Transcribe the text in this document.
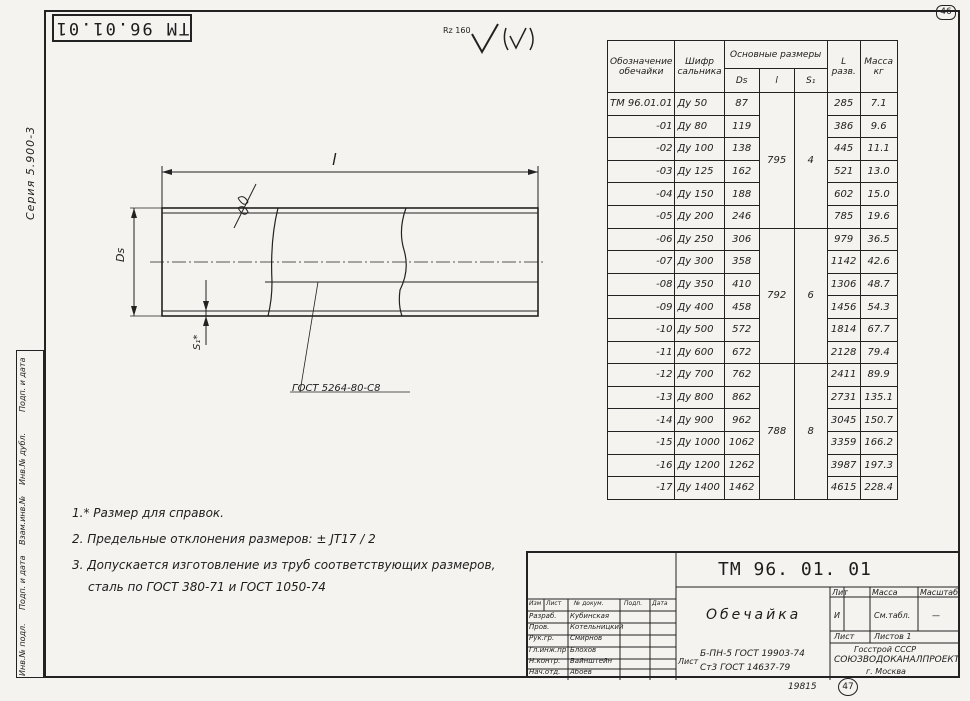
46
ТМ 96.01.01
Серия 5.900-3
Rz 160
l
Ds
S₁*
ГОСТ 5264-80-С8
Обозначение обечайки	Шифр сальника	Основные размеры			L разв.	Масса кг
		Ds	l	S₁		
ТМ 96.01.01	Ду 50	87	795	4	285	7.1
-01	Ду 80	119			386	9.6
-02	Ду 100	138			445	11.1
-03	Ду 125	162			521	13.0
-04	Ду 150	188			602	15.0
-05	Ду 200	246			785	19.6
-06	Ду 250	306	792	6	979	36.5
-07	Ду 300	358			1142	42.6
-08	Ду 350	410			1306	48.7
-09	Ду 400	458			1456	54.3
-10	Ду 500	572			1814	67.7
-11	Ду 600	672			2128	79.4
-12	Ду 700	762	788	8	2411	89.9
-13	Ду 800	862			2731	135.1
-14	Ду 900	962			3045	150.7
-15	Ду 1000	1062			3359	166.2
-16	Ду 1200	1262			3987	197.3
-17	Ду 1400	1462			4615	228.4
1.* Размер для справок.
2. Предельные отклонения размеров: ± JT17 / 2
3. Допускается изготовление из труб соответствующих размеров,
сталь по ГОСТ 380-71 и ГОСТ 1050-74
Инв.№ подл.
Подп. и дата
Взам.инв.№
Инв.№ дубл.
Подп. и дата
ТМ 96. 01. 01
Обечайка
Лист
Б-ПН-5 ГОСТ 19903-74
Ст3 ГОСТ 14637-79
Лит	Масса	Масштаб
И	См.табл.	—
Лист Листов 1
Госстрой СССР
СОЮЗВОДОКАНАЛПРОЕКТ
г. Москва
Изм Лист № докум.	Подп. Дата
Разраб. Кубинская
Пров.	Котельницкий
Рук.гр. Смирнов
Гл.инж.пр Блохов
Н.контр. Вайнштейн
Нач.отд. Абоев
19815	47
